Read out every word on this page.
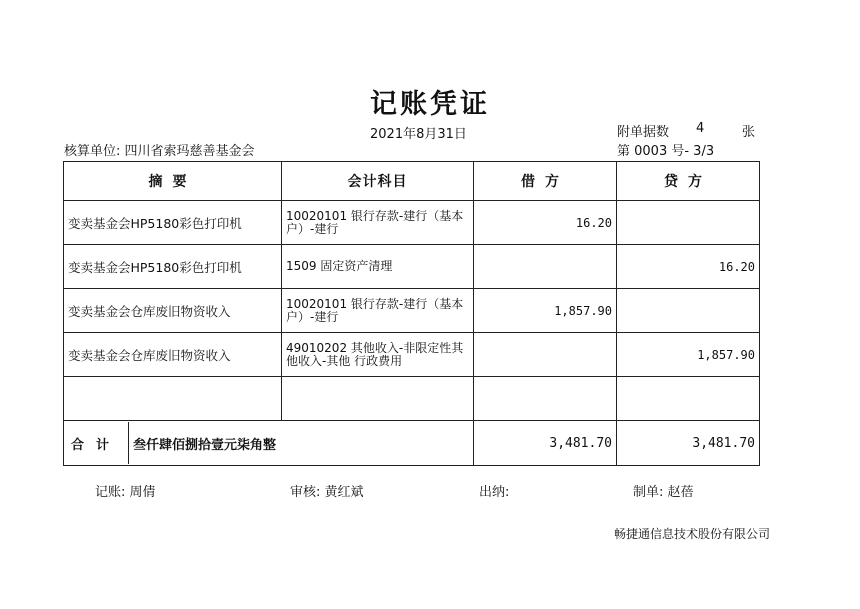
记账凭证
2021年8月31日	附单据数 4	张
核算单位: 四川省索玛慈善基金会	第 0003 号- 3/3
摘要	会计科目	借方	贷方
变卖基金会HP5180彩色打印机	10020101 银行存款-建行（基本户）-建行	16.20	
变卖基金会HP5180彩色打印机	1509 固定资产清理		16.20
变卖基金会仓库废旧物资收入	10020101 银行存款-建行（基本户）-建行	1,857.90	
变卖基金会仓库废旧物资收入	49010202 其他收入-非限定性其他收入-其他 行政费用		1,857.90

合计 叁仟肆佰捌拾壹元柒角整		3,481.70	3,481.70
记账: 周倩	审核: 黄红斌	出纳:	制单: 赵蓓
畅捷通信息技术股份有限公司
